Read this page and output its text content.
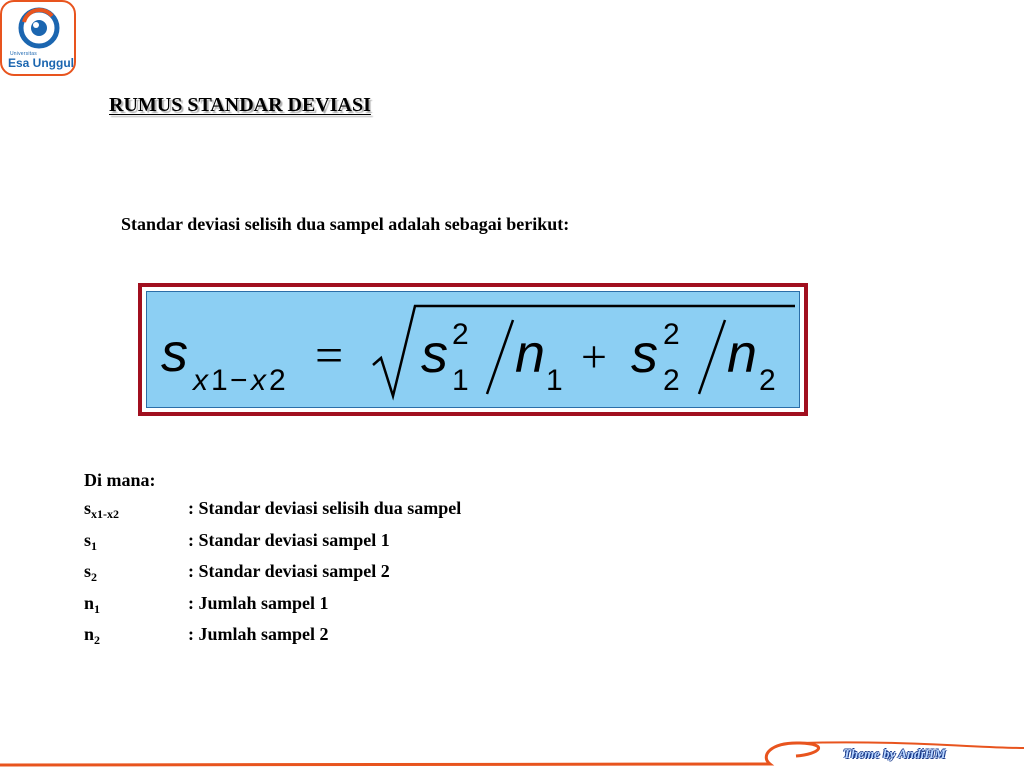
Universitas
Esa Unggul
RUMUS STANDAR DEVIASI
Standar deviasi selisih dua sampel adalah sebagai berikut:
s x 1 − x 2 = s 2
1 n 1 + s 2
2 n 2
Di mana:
$s_{x1-x2}$	: Standar deviasi selisih dua sampel
$s_1$	: Standar deviasi sampel 1
$s_2$	: Standar deviasi sampel 2
$n_1$	: Jumlah sampel 1
$n_2$	: Jumlah sampel 2
Theme by AndiHM
